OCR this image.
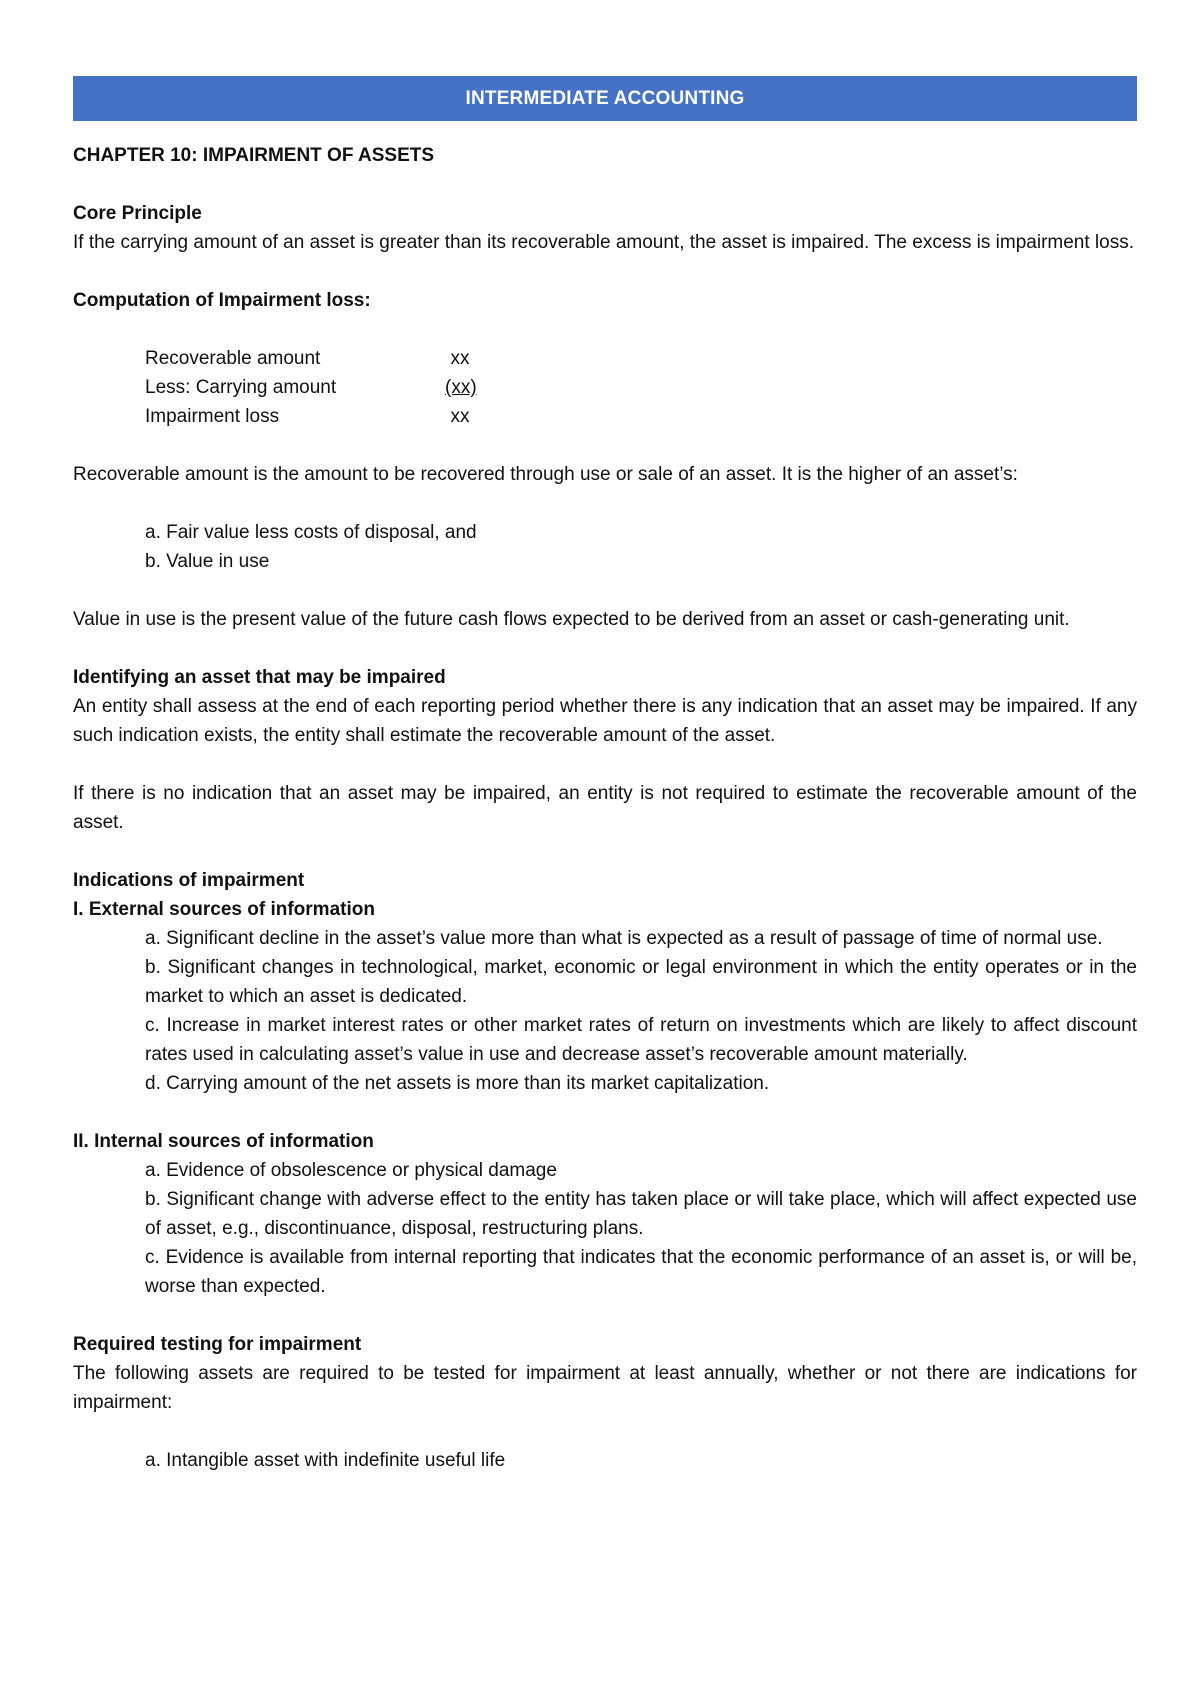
INTERMEDIATE ACCOUNTING
CHAPTER 10: IMPAIRMENT OF ASSETS
Core Principle
If the carrying amount of an asset is greater than its recoverable amount, the asset is impaired. The excess is impairment loss.
Computation of Impairment loss:
Recoverable amount	xx
Less: Carrying amount	(xx)
Impairment loss	xx
Recoverable amount is the amount to be recovered through use or sale of an asset. It is the higher of an asset’s:
a. Fair value less costs of disposal, and
b. Value in use
Value in use is the present value of the future cash flows expected to be derived from an asset or cash-generating unit.
Identifying an asset that may be impaired
An entity shall assess at the end of each reporting period whether there is any indication that an asset may be impaired. If any such indication exists, the entity shall estimate the recoverable amount of the asset.
If there is no indication that an asset may be impaired, an entity is not required to estimate the recoverable amount of the asset.
Indications of impairment
I. External sources of information
a. Significant decline in the asset’s value more than what is expected as a result of passage of time of normal use.
b. Significant changes in technological, market, economic or legal environment in which the entity operates or in the market to which an asset is dedicated.
c. Increase in market interest rates or other market rates of return on investments which are likely to affect discount rates used in calculating asset’s value in use and decrease asset’s recoverable amount materially.
d. Carrying amount of the net assets is more than its market capitalization.
II. Internal sources of information
a. Evidence of obsolescence or physical damage
b. Significant change with adverse effect to the entity has taken place or will take place, which will affect expected use of asset, e.g., discontinuance, disposal, restructuring plans.
c. Evidence is available from internal reporting that indicates that the economic performance of an asset is, or will be, worse than expected.
Required testing for impairment
The following assets are required to be tested for impairment at least annually, whether or not there are indications for impairment:
a. Intangible asset with indefinite useful life
